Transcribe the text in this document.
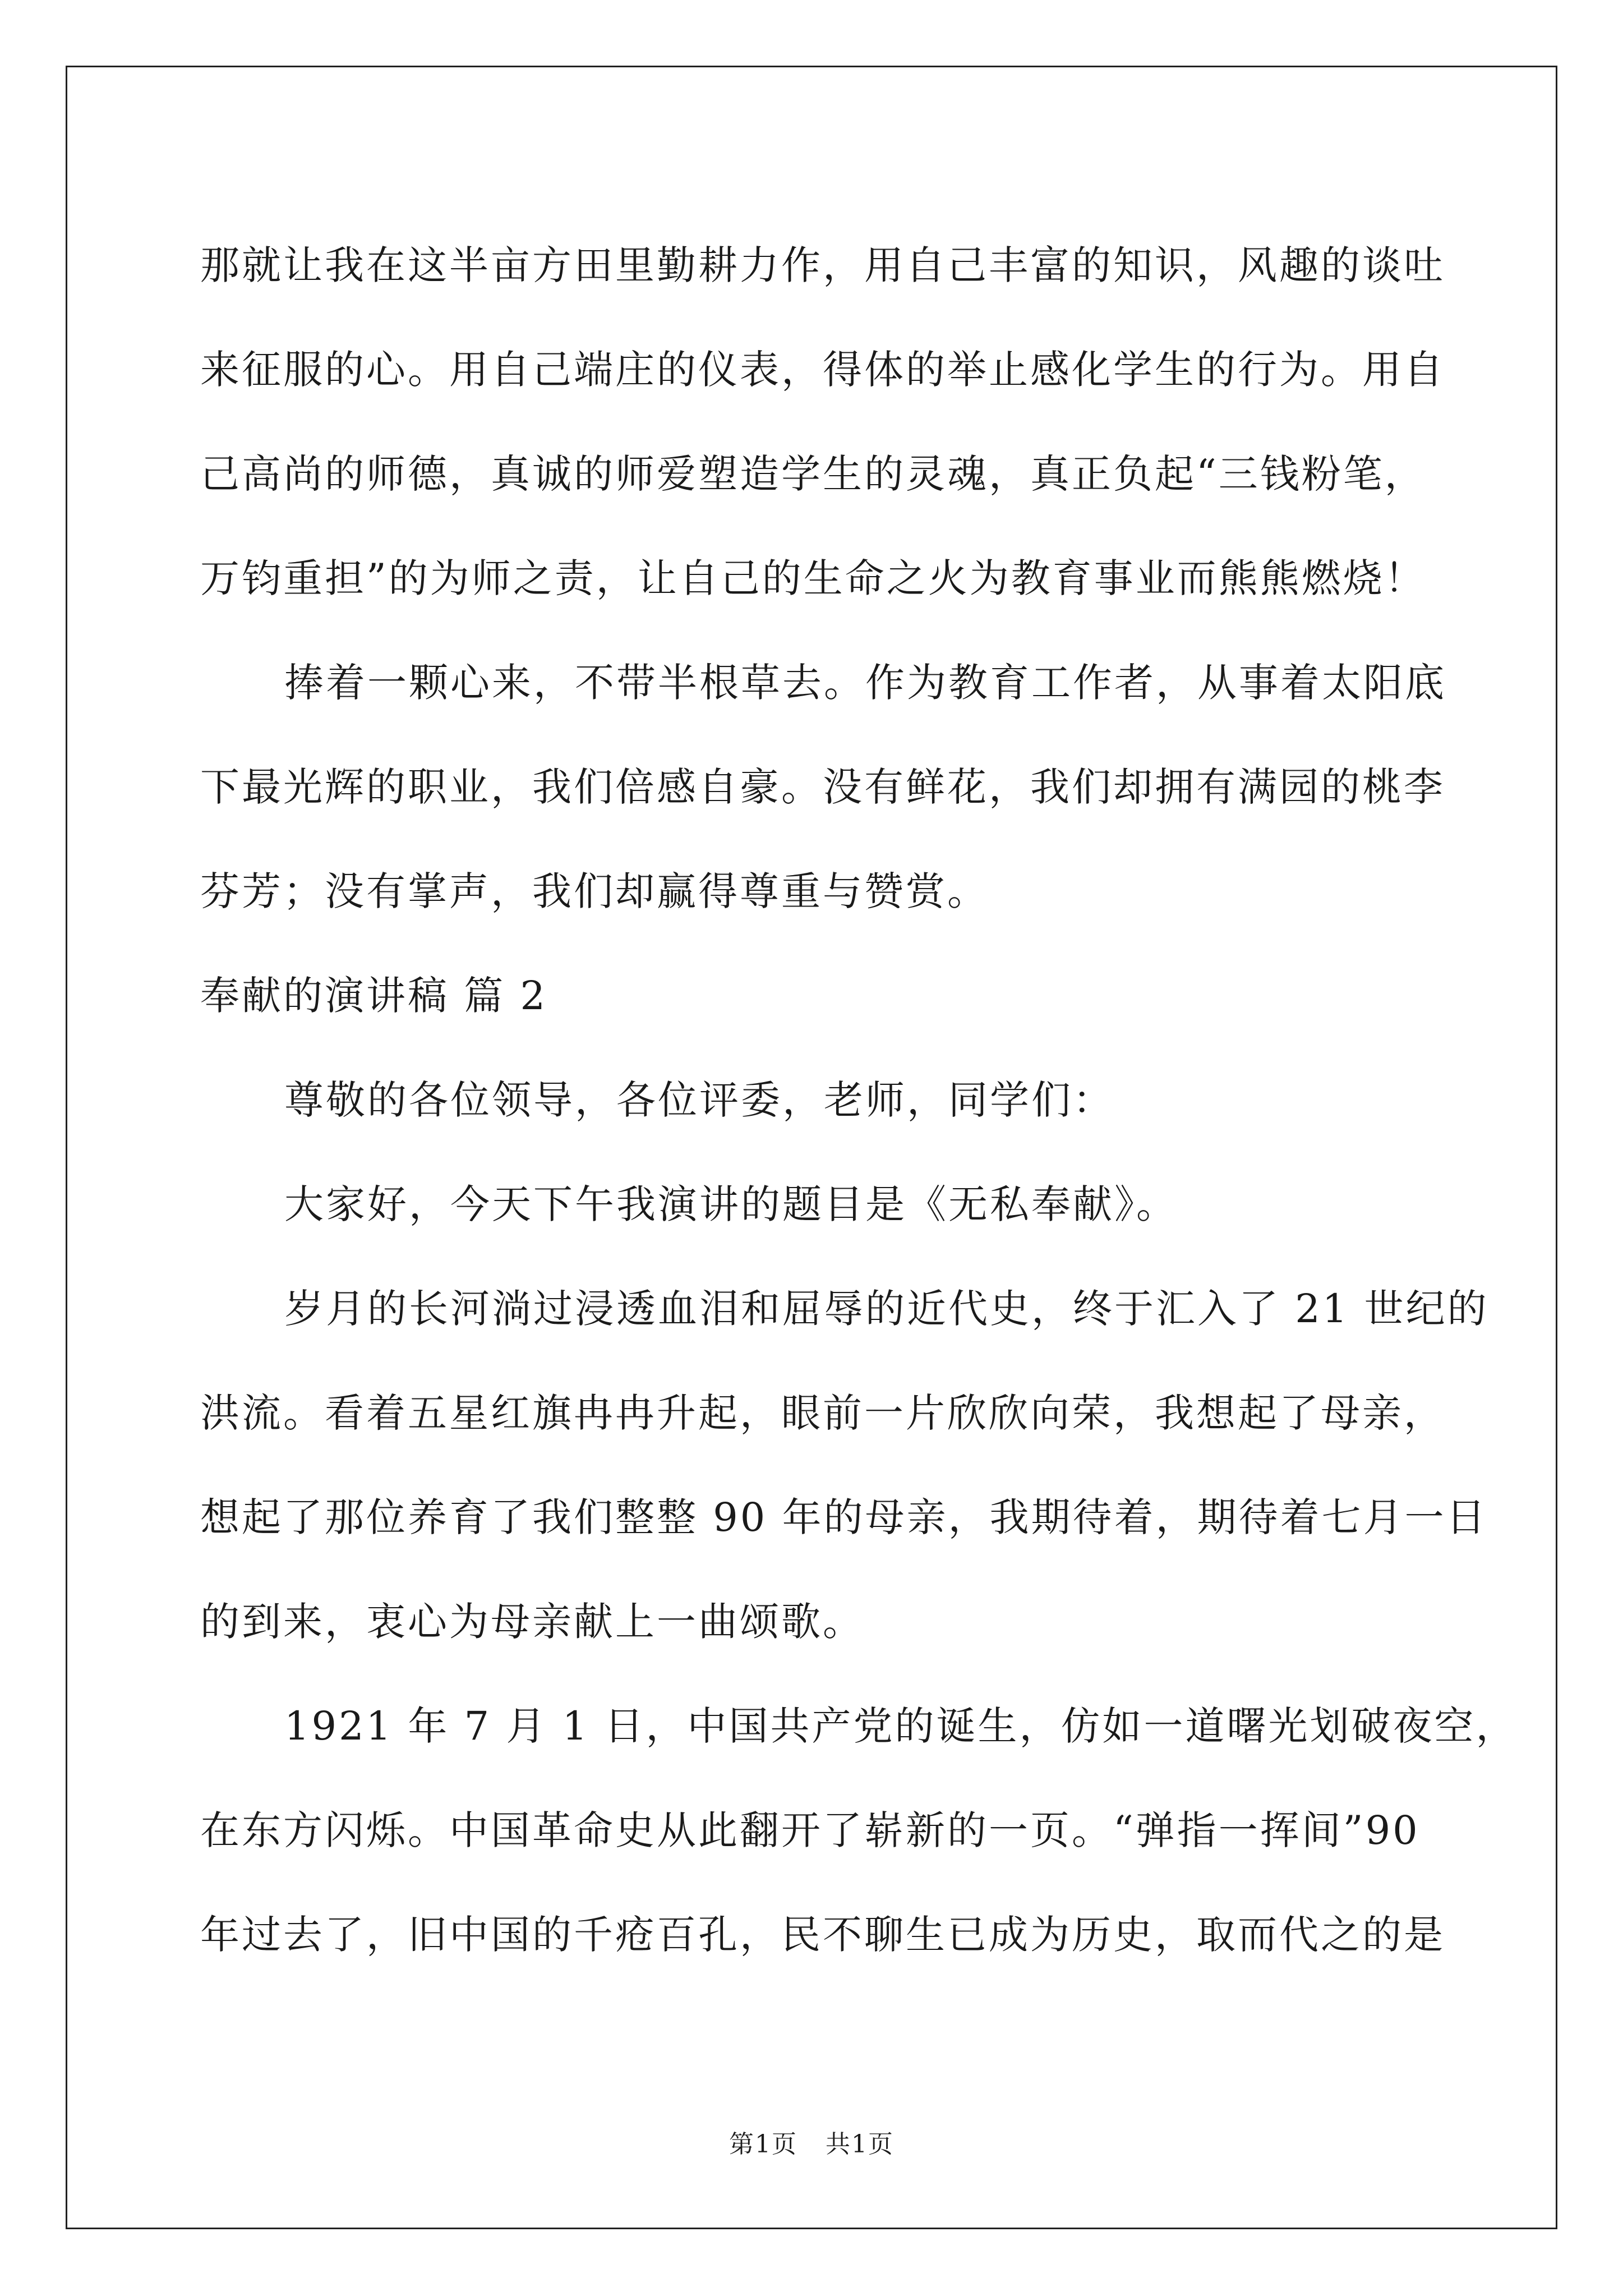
那就让我在这半亩方田里勤耕力作，用自己丰富的知识，风趣的谈吐
来征服的心。用自己端庄的仪表，得体的举止感化学生的行为。用自
己高尚的师德，真诚的师爱塑造学生的灵魂，真正负起“三钱粉笔，
万钧重担”的为师之责，让自己的生命之火为教育事业而熊熊燃烧！
捧着一颗心来，不带半根草去。作为教育工作者，从事着太阳底
下最光辉的职业，我们倍感自豪。没有鲜花，我们却拥有满园的桃李
芬芳；没有掌声，我们却赢得尊重与赞赏。
奉献的演讲稿 篇 2
尊敬的各位领导，各位评委，老师，同学们：
大家好，今天下午我演讲的题目是《无私奉献》。
岁月的长河淌过浸透血泪和屈辱的近代史，终于汇入了 21 世纪的
洪流。看着五星红旗冉冉升起，眼前一片欣欣向荣，我想起了母亲，
想起了那位养育了我们整整 90 年的母亲，我期待着，期待着七月一日
的到来，衷心为母亲献上一曲颂歌。
1921 年 7 月 1 日，中国共产党的诞生，仿如一道曙光划破夜空，
在东方闪烁。中国革命史从此翻开了崭新的一页。“弹指一挥间”90
年过去了，旧中国的千疮百孔，民不聊生已成为历史，取而代之的是
第1页 共1页
